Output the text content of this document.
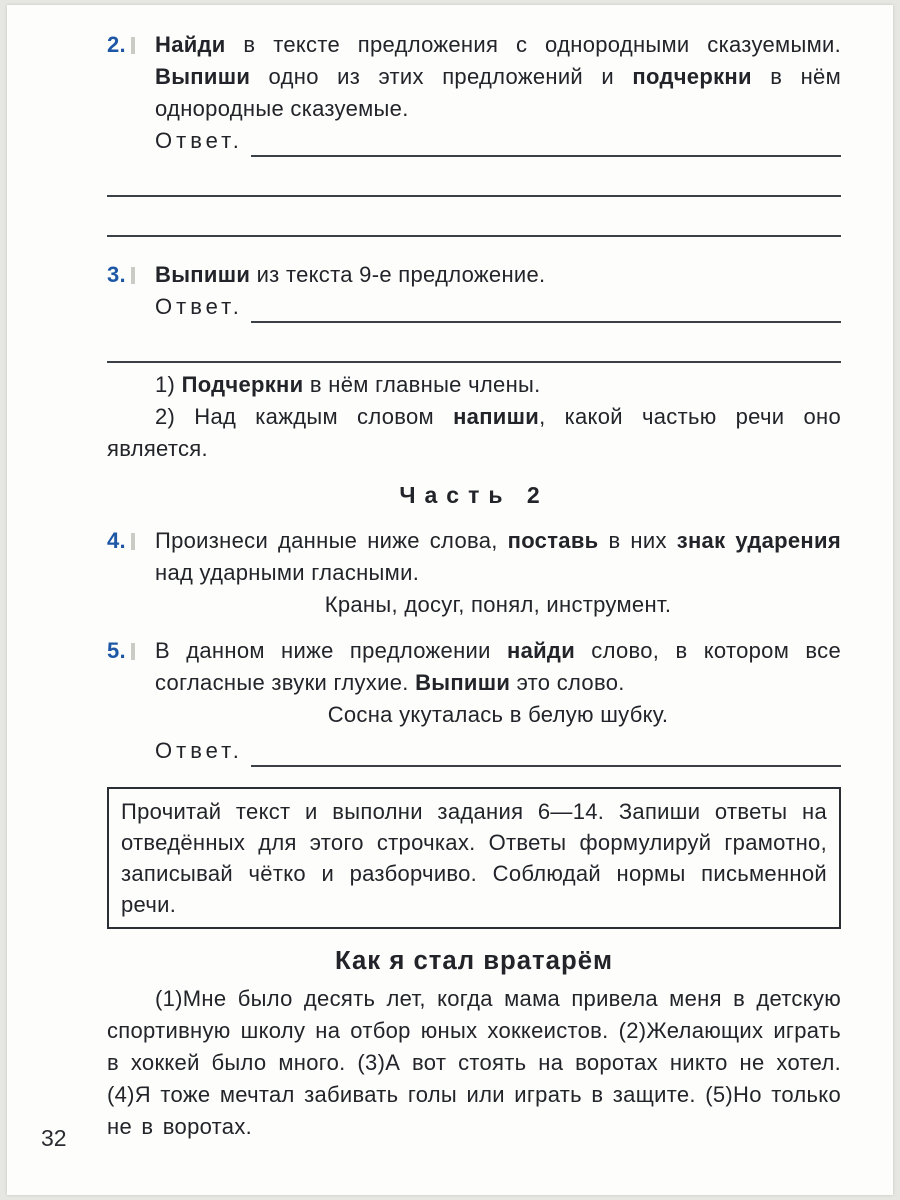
2.	Найди в тексте предложения с однородными сказуемыми. Выпиши одно из этих предложений и подчеркни в нём однородные сказуемые.

Ответ.
3.	Выпиши из текста 9-е предложение.

Ответ.

1) Подчеркни в нём главные члены.

2) Над каждым словом напиши, какой частью речи оно является.

Часть 2
4.	Произнеси данные ниже слова, поставь в них знак ударения над ударными гласными.

Краны, досуг, понял, инструмент.

5.	В данном ниже предложении найди слово, в котором все согласные звуки глухие. Выпиши это слово.

Сосна укуталась в белую шубку.

Ответ.

Прочитай текст и выполни задания 6—14. Запиши ответы на отведённых для этого строчках. Ответы формулируй грамотно, записывай чётко и разборчиво. Соблюдай нормы письменной речи.

Как я стал вратарём

(1)Мне было десять лет, когда мама привела меня в детскую спортивную школу на отбор юных хоккеистов. (2)Желающих играть в хоккей было много. (3)А вот стоять на воротах никто не хотел. (4)Я тоже мечтал забивать голы или играть в защите. (5)Но только не в воротах.

32
